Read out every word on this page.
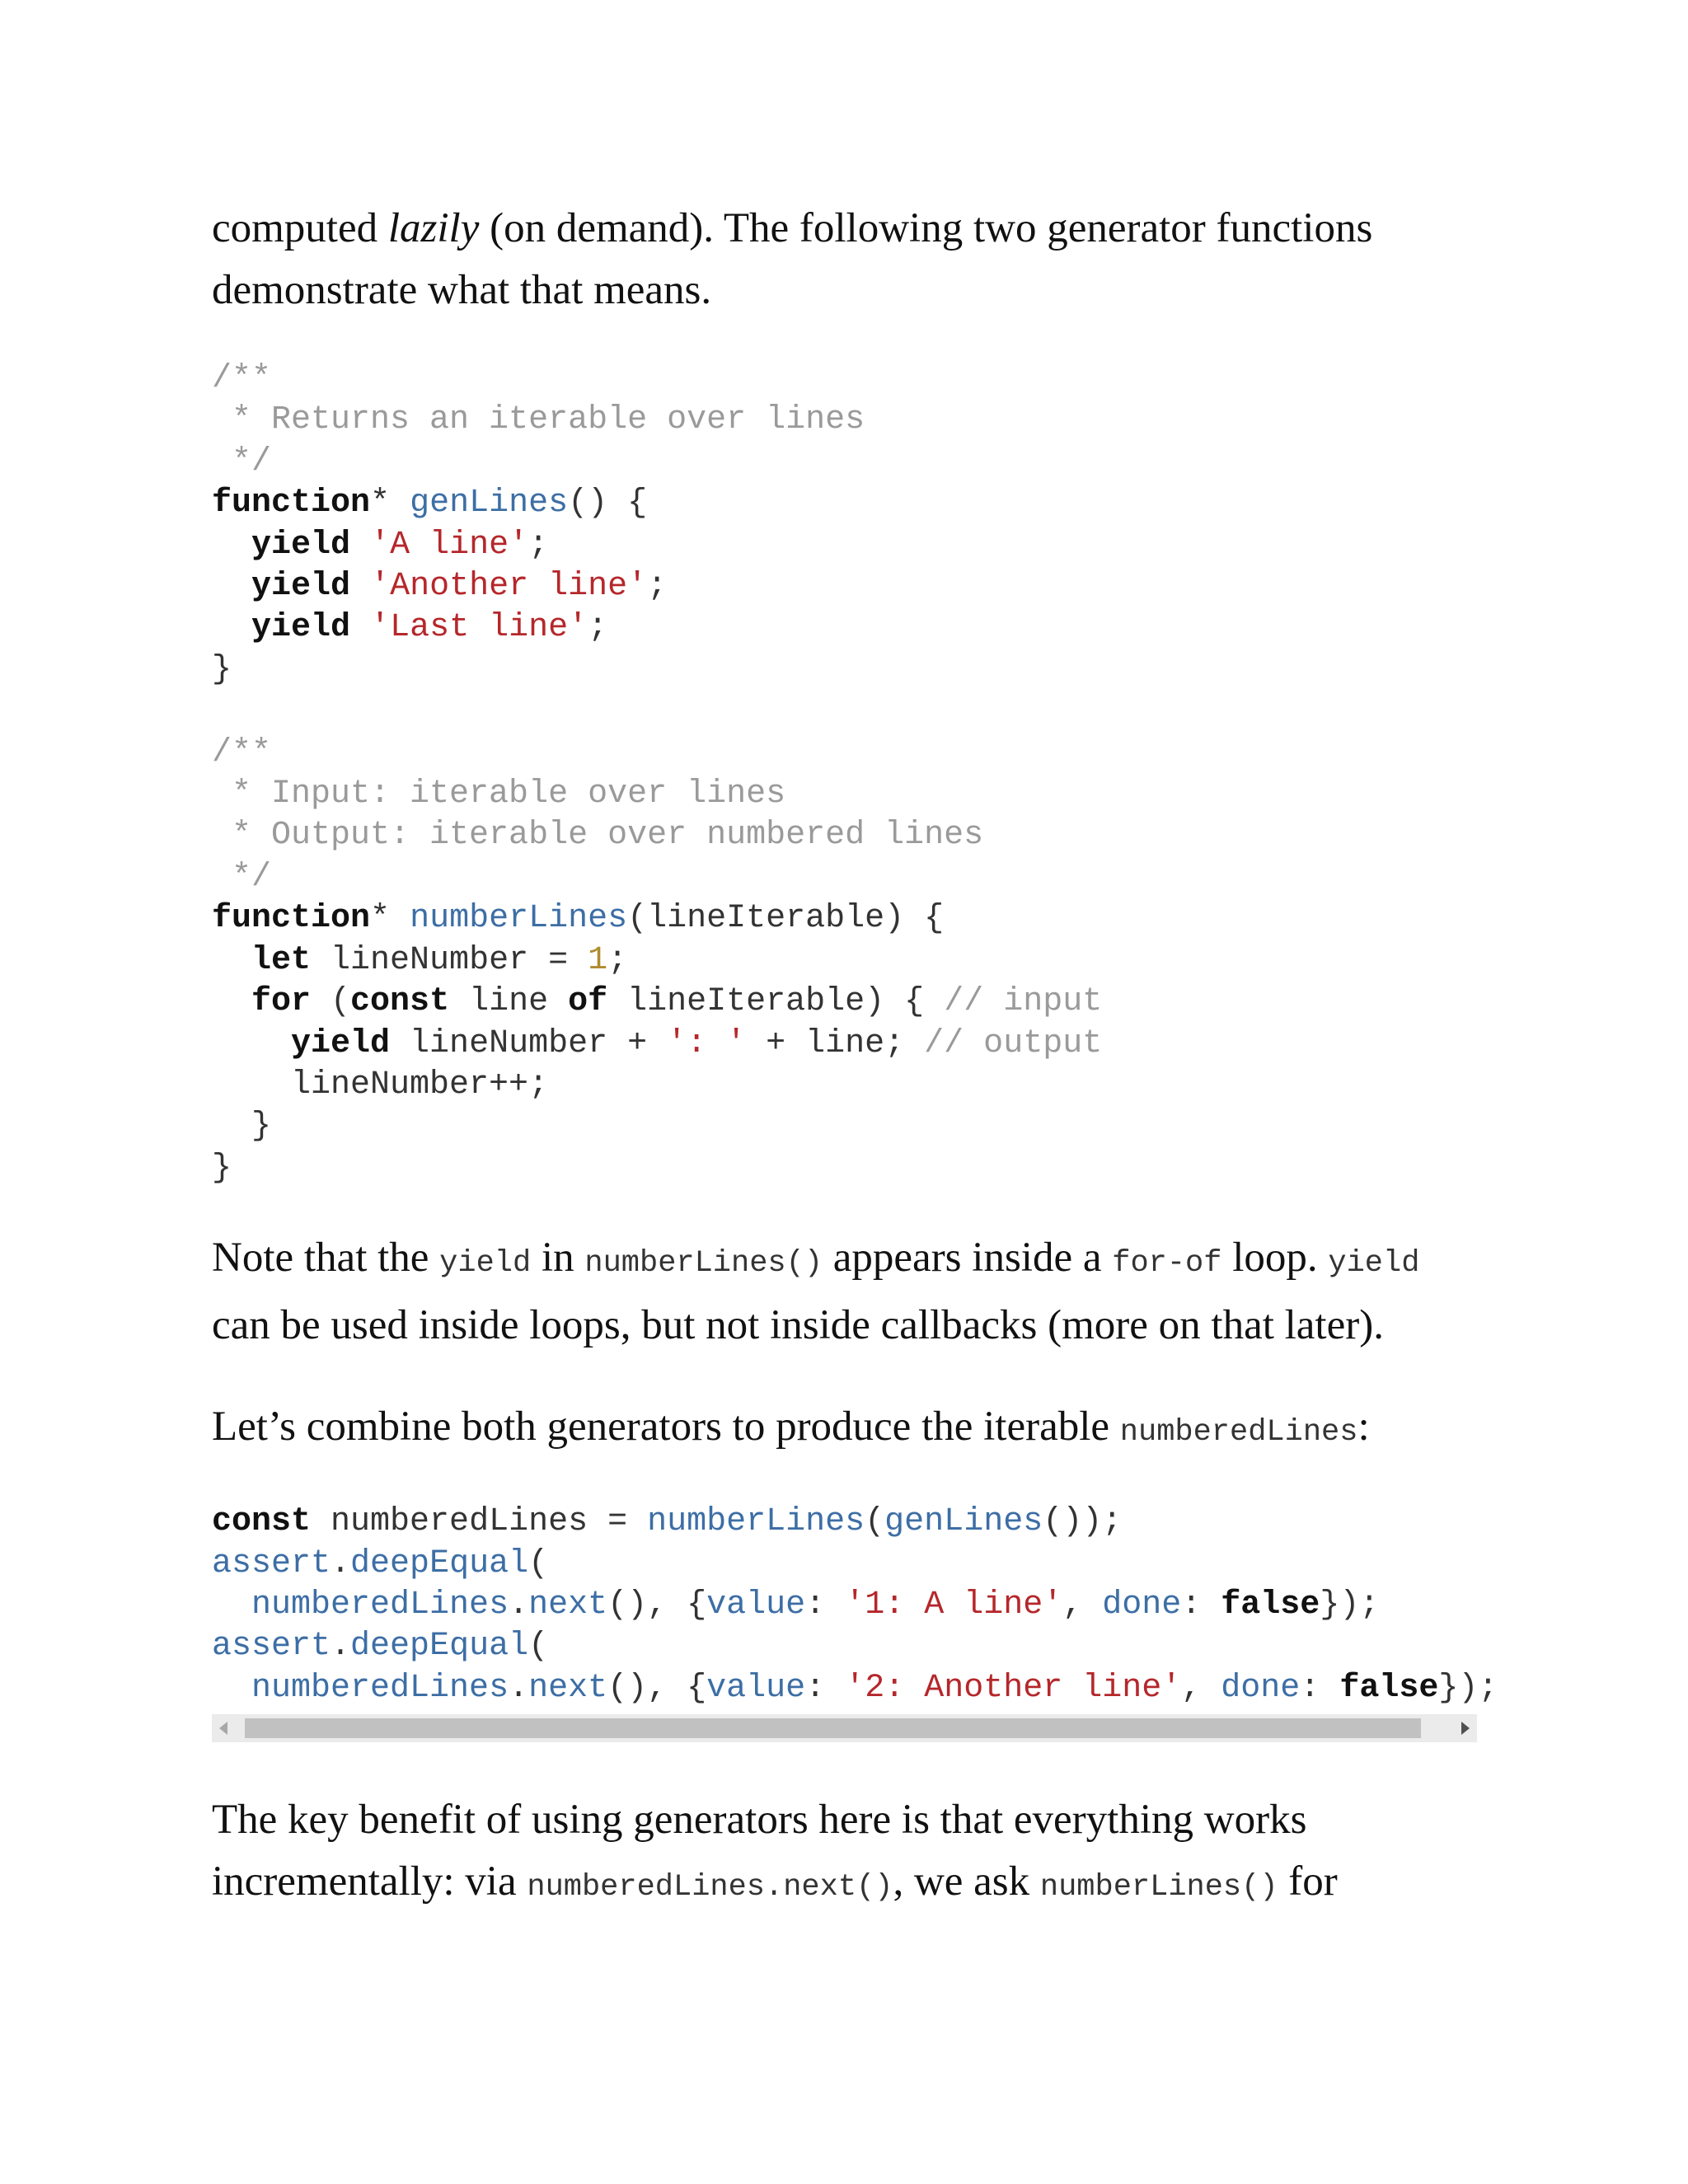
computed lazily (on demand). The following two generator functions demonstrate what that means.

/**
* Returns an iterable over lines
*/
function* genLines() {
yield 'A line';
yield 'Another line';
yield 'Last line';
}

/**
* Input: iterable over lines
* Output: iterable over numbered lines
*/
function* numberLines(lineIterable) {
let lineNumber = 1;
for (const line of lineIterable) { // input
yield lineNumber + ': ' + line; // output
lineNumber++;
}
}

Note that the yield in numberLines() appears inside a for-of loop. yield can be used inside loops, but not inside callbacks (more on that later).

Let’s combine both generators to produce the iterable numberedLines:

const numberedLines = numberLines(genLines());
assert.deepEqual(
numberedLines.next(), {value: '1: A line', done: false});
assert.deepEqual(
numberedLines.next(), {value: '2: Another line', done: false});

The key benefit of using generators here is that everything works incrementally: via numberedLines.next(), we ask numberLines() for
